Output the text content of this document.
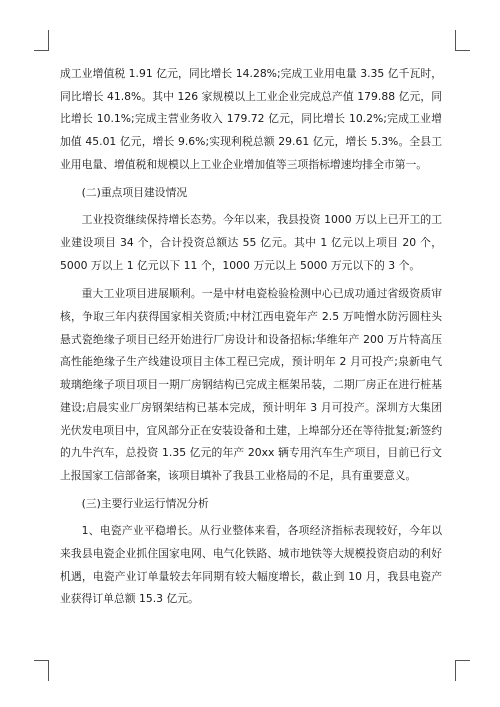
成工业增值税 1.91 亿元，同比增长 14.28%;完成工业用电量 3.35 亿千瓦时，同比增长 41.8%。其中 126 家规模以上工业企业完成总产值 179.88 亿元，同比增长 10.1%;完成主营业务收入 179.72 亿元，同比增长 10.2%;完成工业增加值 45.01 亿元，增长 9.6%;实现利税总额 29.61 亿元，增长 5.3%。全县工业用电量、增值税和规模以上工业企业增加值等三项指标增速均排全市第一。

(二)重点项目建设情况

工业投资继续保持增长态势。今年以来，我县投资 1000 万以上已开工的工业建设项目 34 个，合计投资总额达 55 亿元。其中 1 亿元以上项目 20 个，5000 万以上 1 亿元以下 11 个，1000 万元以上 5000 万元以下的 3 个。

重大工业项目进展顺利。一是中材电瓷检验检测中心已成功通过省级资质审核，争取三年内获得国家相关资质;中材江西电瓷年产 2.5 万吨憎水防污圆柱头悬式瓷绝缘子项目已经开始进行厂房设计和设备招标;华维年产 200 万片特高压高性能绝缘子生产线建设项目主体工程已完成，预计明年 2 月可投产;泉新电气玻璃绝缘子项目项目一期厂房钢结构已完成主框架吊装，二期厂房正在进行桩基建设;启晨实业厂房钢架结构已基本完成，预计明年 3 月可投产。深圳方大集团光伏发电项目中，宜风部分正在安装设备和土建，上埠部分还在等待批复;新签约的九牛汽车，总投资 1.35 亿元的年产 20xx 辆专用汽车生产项目，目前已行文上报国家工信部备案，该项目填补了我县工业格局的不足，具有重要意义。

(三)主要行业运行情况分析

1、电瓷产业平稳增长。从行业整体来看，各项经济指标表现较好，今年以来我县电瓷企业抓住国家电网、电气化铁路、城市地铁等大规模投资启动的利好机遇，电瓷产业订单量较去年同期有较大幅度增长，截止到 10 月，我县电瓷产业获得订单总额 15.3 亿元。
